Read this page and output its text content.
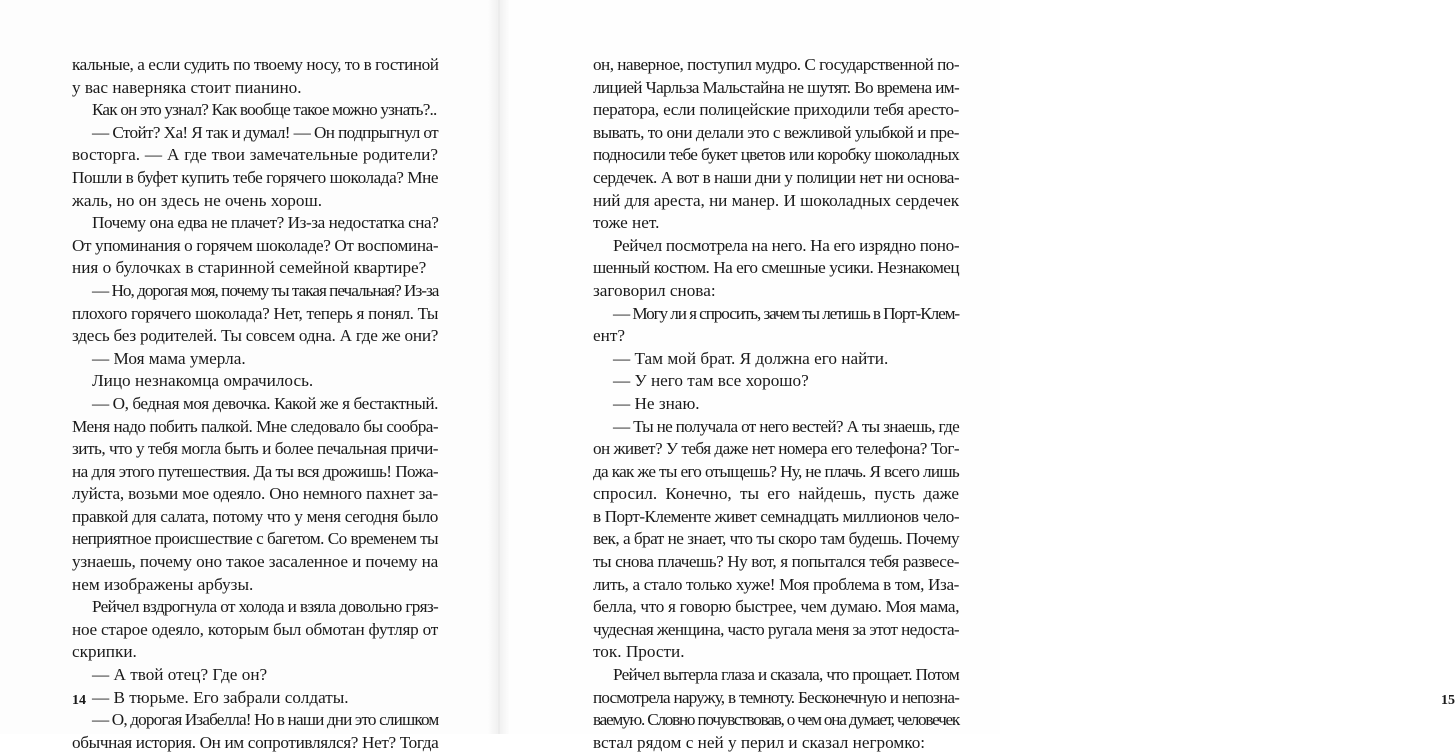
кальные, а если судить по твоему носу, то в гостиной
у вас наверняка стоит пианино.
Как он это узнал? Как вообще такое можно узнать?..
— Стойт? Ха! Я так и думал! — Он подпрыгнул от
восторга. — А где твои замечательные родители?
Пошли в буфет купить тебе горячего шоколада? Мне
жаль, но он здесь не очень хорош.
Почему она едва не плачет? Из-за недостатка сна?
От упоминания о горячем шоколаде? От воспомина-
ния о булочках в старинной семейной квартире?
— Но, дорогая моя, почему ты такая печальная? Из-за
плохого горячего шоколада? Нет, теперь я понял. Ты
здесь без родителей. Ты совсем одна. А где же они?
— Моя мама умерла.
Лицо незнакомца омрачилось.
— О, бедная моя девочка. Какой же я бестактный.
Меня надо побить палкой. Мне следовало бы сообра-
зить, что у тебя могла быть и более печальная причи-
на для этого путешествия. Да ты вся дрожишь! Пожа-
луйста, возьми мое одеяло. Оно немного пахнет за-
правкой для салата, потому что у меня сегодня было
неприятное происшествие с багетом. Со временем ты
узнаешь, почему оно такое засаленное и почему на
нем изображены арбузы.
Рейчел вздрогнула от холода и взяла довольно гряз-
ное старое одеяло, которым был обмотан футляр от
скрипки.
— А твой отец? Где он?
— В тюрьме. Его забрали солдаты.
— О, дорогая Изабелла! Но в наши дни это слишком
обычная история. Он им сопротивлялся? Нет? Тогда
14	15
он, наверное, поступил мудро. С государственной по-
лицией Чарльза Мальстайна не шутят. Во времена им-
ператора, если полицейские приходили тебя аресто-
вывать, то они делали это с вежливой улыбкой и пре-
подносили тебе букет цветов или коробку шоколадных
сердечек. А вот в наши дни у полиции нет ни основа-
ний для ареста, ни манер. И шоколадных сердечек
тоже нет.
Рейчел посмотрела на него. На его изрядно поно-
шенный костюм. На его смешные усики. Незнакомец
заговорил снова:
— Могу ли я спросить, зачем ты летишь в Порт-Клем-
ент?
— Там мой брат. Я должна его найти.
— У него там все хорошо?
— Не знаю.
— Ты не получала от него вестей? А ты знаешь, где
он живет? У тебя даже нет номера его телефона? Тог-
да как же ты его отыщешь? Ну, не плачь. Я всего лишь
спросил. Конечно, ты его найдешь, пусть даже
в Порт-Клементе живет семнадцать миллионов чело-
век, а брат не знает, что ты скоро там будешь. Почему
ты снова плачешь? Ну вот, я попытался тебя развесе-
лить, а стало только хуже! Моя проблема в том, Иза-
белла, что я говорю быстрее, чем думаю. Моя мама,
чудесная женщина, часто ругала меня за этот недоста-
ток. Прости.
Рейчел вытерла глаза и сказала, что прощает. Потом
посмотрела наружу, в темноту. Бесконечную и непозна-
ваемую. Словно почувствовав, о чем она думает, человечек
встал рядом с ней у перил и сказал негромко:
